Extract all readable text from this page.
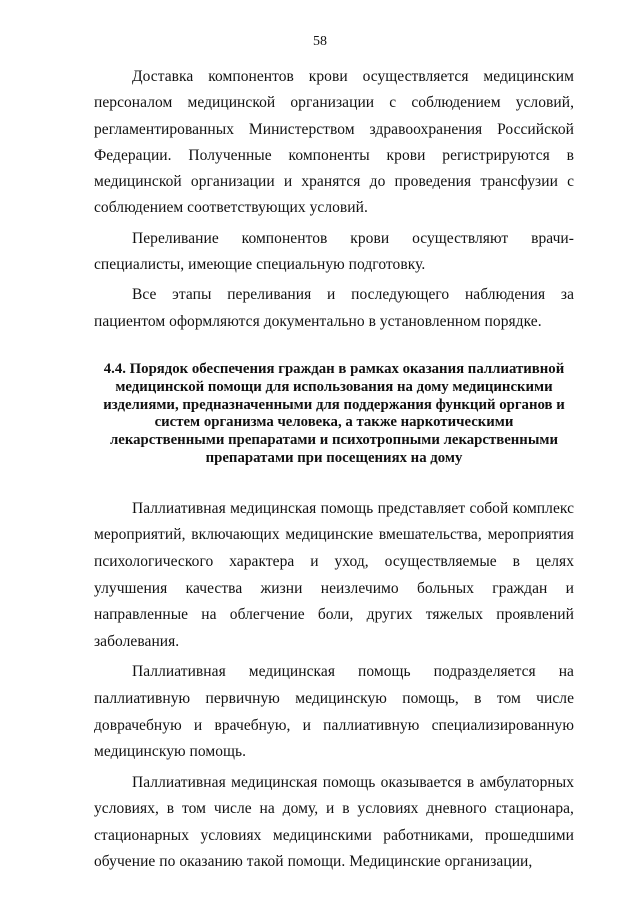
58

Доставка компонентов крови осуществляется медицинским персоналом медицинской организации с соблюдением условий, регламентированных Министерством здравоохранения Российской Федерации. Полученные компоненты крови регистрируются в медицинской организации и хранятся до проведения трансфузии с соблюдением соответствующих условий.

Переливание компонентов крови осуществляют врачи-специалисты, имеющие специальную подготовку.

Все этапы переливания и последующего наблюдения за пациентом оформляются документально в установленном порядке.

4.4. Порядок обеспечения граждан в рамках оказания паллиативной медицинской помощи для использования на дому медицинскими изделиями, предназначенными для поддержания функций органов и систем организма человека, а также наркотическими лекарственными препаратами и психотропными лекарственными препаратами при посещениях на дому

Паллиативная медицинская помощь представляет собой комплекс мероприятий, включающих медицинские вмешательства, мероприятия психологического характера и уход, осуществляемые в целях улучшения качества жизни неизлечимо больных граждан и направленные на облегчение боли, других тяжелых проявлений заболевания.

Паллиативная медицинская помощь подразделяется на паллиативную первичную медицинскую помощь, в том числе доврачебную и врачебную, и паллиативную специализированную медицинскую помощь.

Паллиативная медицинская помощь оказывается в амбулаторных условиях, в том числе на дому, и в условиях дневного стационара, стационарных условиях медицинскими работниками, прошедшими обучение по оказанию такой помощи. Медицинские организации,
